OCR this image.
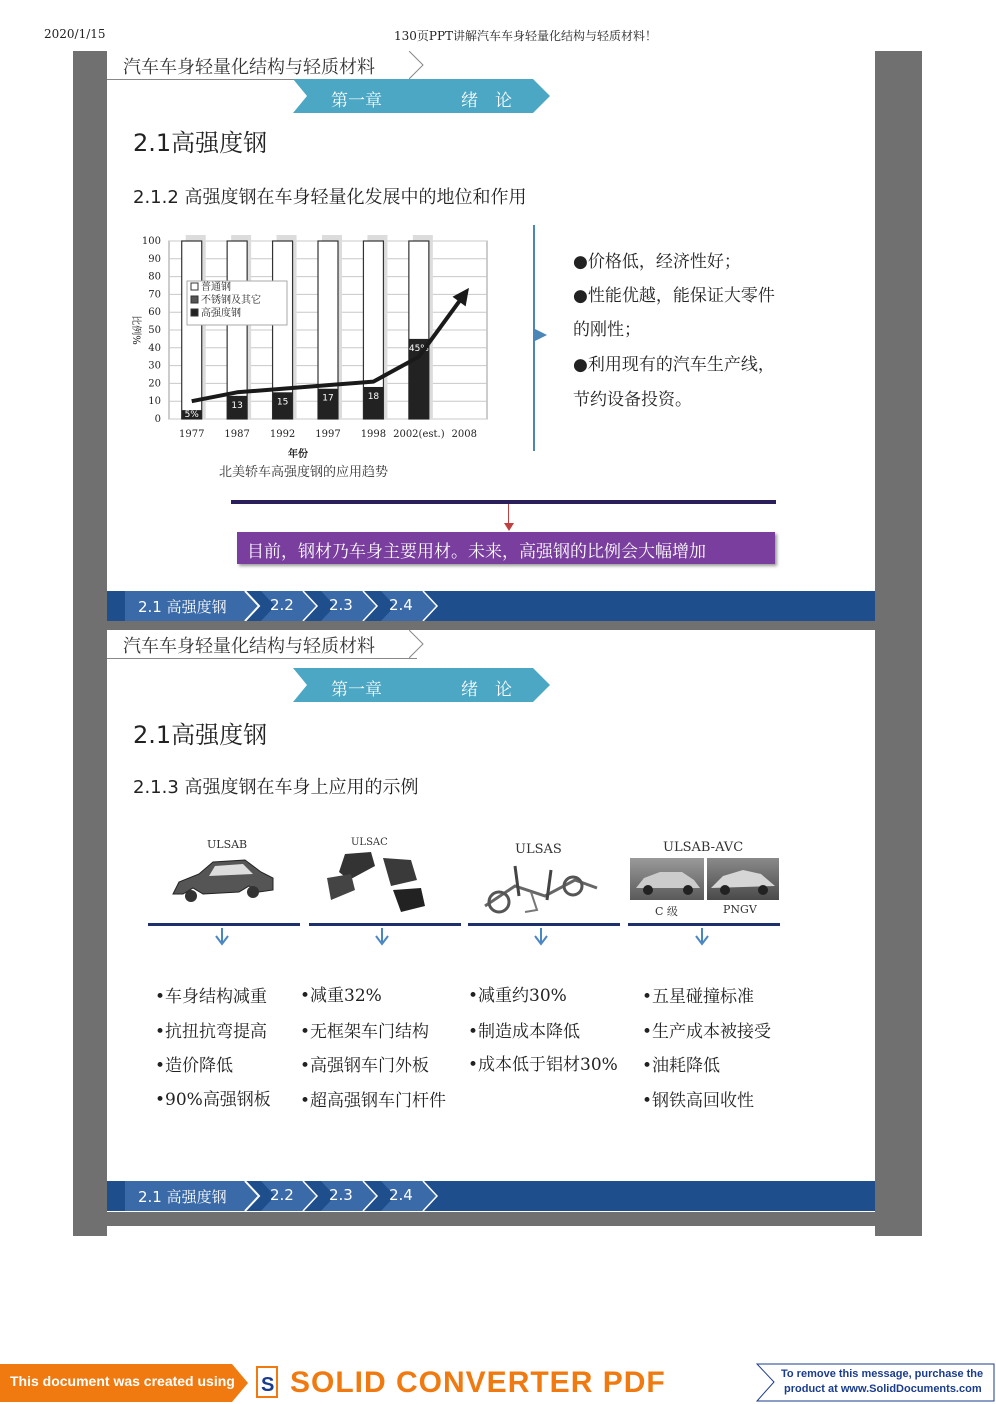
2020/1/15	130页PPT讲解汽车车身轻量化结构与轻质材料！
汽车车身轻量化结构与轻质材料
第一章	绪　论
2.1高强度钢
2.1.2 高强度钢在车身轻量化发展中的地位和作用
0
10
20
30
40
50
60
70
80
90
100
比例%
年份
5%
13	15	17	18
45%
1977 1987 1992 1997 1998 2002(est.) 2008
普通钢
不锈钢及其它
高强度钢
北美轿车高强度钢的应用趋势
●价格低，经济性好；
●性能优越，能保证大零件
的刚性；
●利用现有的汽车生产线，
节约设备投资。
目前，钢材乃车身主要用材。未来，高强钢的比例会大幅增加
2.1 高强度钢	2.2 2.3 2.4
汽车车身轻量化结构与轻质材料
第一章	绪　论
2.1高强度钢
2.1.3 高强度钢在车身上应用的示例
ULSAB	ULSAC	ULSAS	ULSAB-AVC
C 级	PNGV
•车身结构减重
•抗扭抗弯提高
•造价降低
•90%高强钢板
•减重32%
•无框架车门结构
•高强钢车门外板
•超高强钢车门杆件
•减重约30%
•制造成本降低
•成本低于铝材30%
•五星碰撞标准
•生产成本被接受
•油耗降低
•钢铁高回收性
2.1 高强度钢	2.2 2.3 2.4
This document was created using S SOLID CONVERTER PDF	To remove this message, purchase the
product at www.SolidDocuments.com
